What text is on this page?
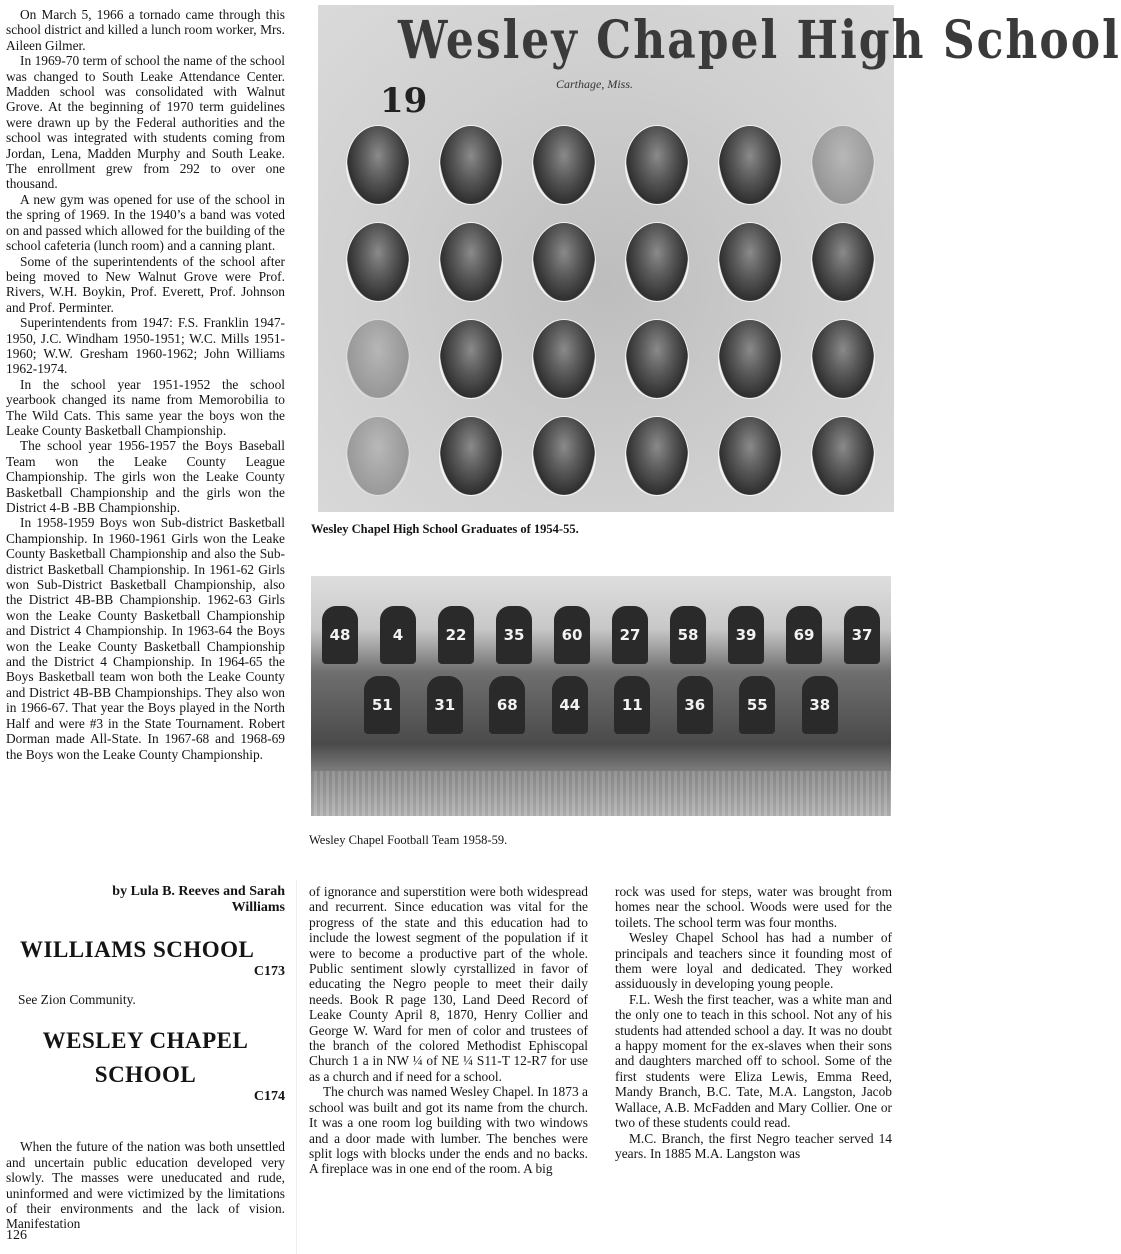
On March 5, 1966 a tornado came through this school district and killed a lunch room worker, Mrs. Aileen Gilmer.

In 1969-70 term of school the name of the school was changed to South Leake Attendance Center. Madden school was consolidated with Walnut Grove. At the beginning of 1970 term guidelines were drawn up by the Federal authorities and the school was integrated with students coming from Jordan, Lena, Madden Murphy and South Leake. The enrollment grew from 292 to over one thousand.

A new gym was opened for use of the school in the spring of 1969. In the 1940’s a band was voted on and passed which allowed for the building of the school cafeteria (lunch room) and a canning plant.

Some of the superintendents of the school after being moved to New Walnut Grove were Prof. Rivers, W.H. Boykin, Prof. Everett, Prof. Johnson and Prof. Perminter.

Superintendents from 1947: F.S. Franklin 1947-1950, J.C. Windham 1950-1951; W.C. Mills 1951-1960; W.W. Gresham 1960-1962; John Williams 1962-1974.

In the school year 1951-1952 the school yearbook changed its name from Memorobilia to The Wild Cats. This same year the boys won the Leake County Basketball Championship.

The school year 1956-1957 the Boys Baseball Team won the Leake County League Championship. The girls won the Leake County Basketball Championship and the girls won the District 4-B -BB Championship.

In 1958-1959 Boys won Sub-district Basketball Championship. In 1960-1961 Girls won the Leake County Basketball Championship and also the Sub-district Basketball Championship. In 1961-62 Girls won Sub-District Basketball Championship, also the District 4B-BB Championship. 1962-63 Girls won the Leake County Basketball Championship and District 4 Championship. In 1963-64 the Boys won the Leake County Basketball Championship and the District 4 Championship. In 1964-65 the Boys Basketball team won both the Leake County and District 4B-BB Championships. They also won in 1966-67. That year the Boys played in the North Half and were #3 in the State Tournament. Robert Dorman made All-State. In 1967-68 and 1968-69 the Boys won the Leake County Championship.

by Lula B. Reeves and Sarah Williams
WILLIAMS SCHOOL
C173
See Zion Community.
WESLEY CHAPEL
SCHOOL
C174

When the future of the nation was both unsettled and uncertain public education developed very slowly. The masses were uneducated and rude, uninformed and were victimized by the limitations of their environments and the lack of vision. Manifestation

Wesley Chapel High School
Carthage, Miss.
19
Wesley Chapel High School Graduates of 1954-55.
48	4	22	35	60	27	58	39	69	37
51	31	68	44	11	36	55	38
Wesley Chapel Football Team 1958-59.

of ignorance and superstition were both widespread and recurrent. Since education was vital for the progress of the state and this education had to include the lowest segment of the population if it were to become a productive part of the whole. Public sentiment slowly cyrstallized in favor of educating the Negro people to meet their daily needs. Book R page 130, Land Deed Record of Leake County April 8, 1870, Henry Collier and George W. Ward for men of color and trustees of the branch of the colored Methodist Ephiscopal Church 1 a in NW ¼ of NE ¼ S11-T 12-R7 for use as a church and if need for a school.

The church was named Wesley Chapel. In 1873 a school was built and got its name from the church. It was a one room log building with two windows and a door made with lumber. The benches were split logs with blocks under the ends and no backs. A fireplace was in one end of the room. A big

rock was used for steps, water was brought from homes near the school. Woods were used for the toilets. The school term was four months.

Wesley Chapel School has had a number of principals and teachers since it founding most of them were loyal and dedicated. They worked assiduously in developing young people.

F.L. Wesh the first teacher, was a white man and the only one to teach in this school. Not any of his students had attended school a day. It was no doubt a happy moment for the ex-slaves when their sons and daughters marched off to school. Some of the first students were Eliza Lewis, Emma Reed, Mandy Branch, B.C. Tate, M.A. Langston, Jacob Wallace, A.B. McFadden and Mary Collier. One or two of these students could read.

M.C. Branch, the first Negro teacher served 14 years. In 1885 M.A. Langston was

126
